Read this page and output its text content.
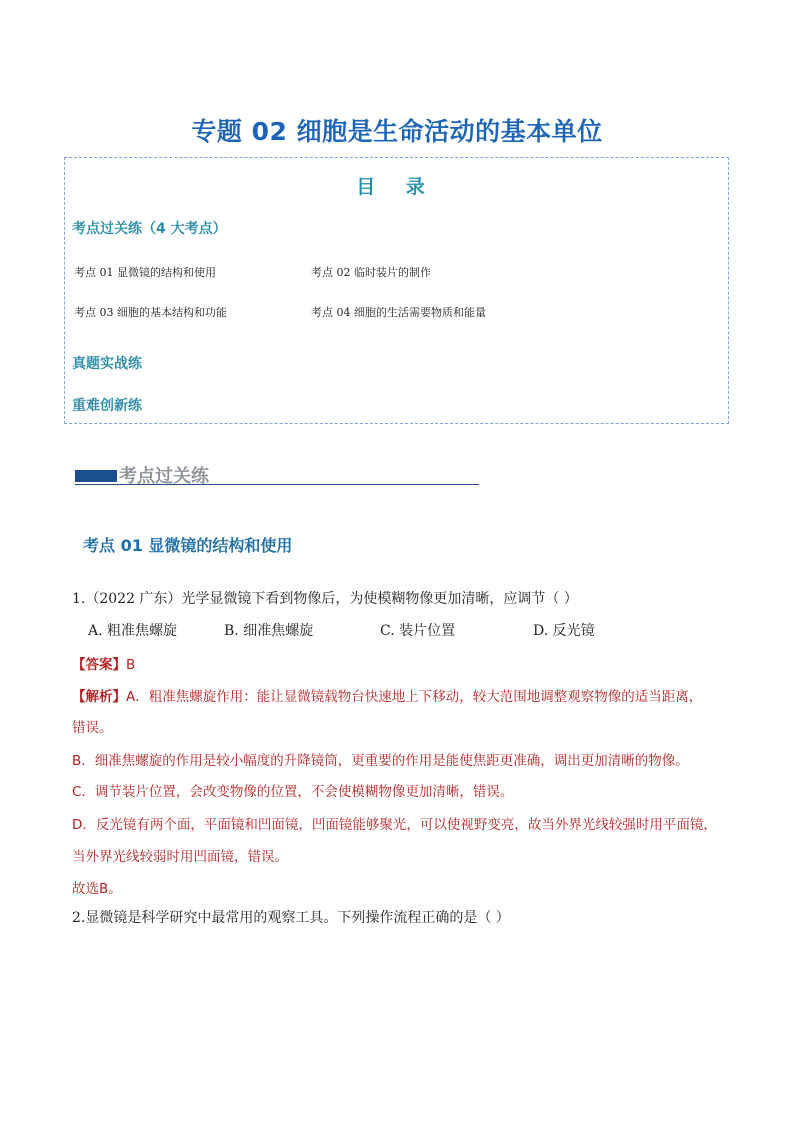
专题 02 细胞是生命活动的基本单位
目 录
考点过关练（4 大考点）
考点 01 显微镜的结构和使用	考点 02 临时装片的制作
考点 03 细胞的基本结构和功能	考点 04 细胞的生活需要物质和能量
真题实战练
重难创新练
考点过关练
考点 01 显微镜的结构和使用
1.（2022 广东）光学显微镜下看到物像后，为使模糊物像更加清晰，应调节（ ）
A. 粗准焦螺旋	B. 细准焦螺旋	C. 装片位置	D. 反光镜
【答案】B
【解析】A．粗准焦螺旋作用：能让显微镜载物台快速地上下移动，较大范围地调整观察物像的适当距离，
错误。
B．细准焦螺旋的作用是较小幅度的升降镜筒，更重要的作用是能使焦距更准确，调出更加清晰的物像。
C．调节装片位置，会改变物像的位置，不会使模糊物像更加清晰，错误。
D．反光镜有两个面，平面镜和凹面镜，凹面镜能够聚光，可以使视野变亮，故当外界光线较强时用平面镜，
当外界光线较弱时用凹面镜，错误。
故选B。
2.显微镜是科学研究中最常用的观察工具。下列操作流程正确的是（ ）
